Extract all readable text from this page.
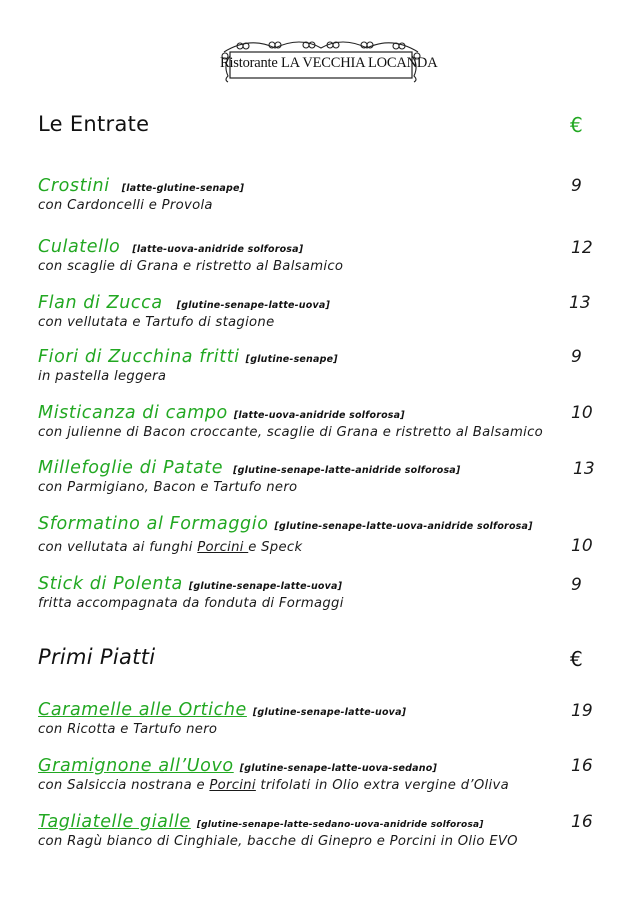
Ristorante LA VECCHIA LOCANDA
Le Entrate	€
Crostini [latte-glutine-senape]
con Cardoncelli e Provola
9
Culatello [latte-uova-anidride solforosa]
con scaglie di Grana e ristretto al Balsamico
12
Flan di Zucca [glutine-senape-latte-uova]
con vellutata e Tartufo di stagione
13
Fiori di Zucchina fritti [glutine-senape]
in pastella leggera
9
Misticanza di campo [latte-uova-anidride solforosa]
con julienne di Bacon croccante, scaglie di Grana e ristretto al Balsamico
10
Millefoglie di Patate [glutine-senape-latte-anidride solforosa]
con Parmigiano, Bacon e Tartufo nero
13
Sformatino al Formaggio [glutine-senape-latte-uova-anidride solforosa]
con vellutata ai funghi Porcini e Speck	10
Stick di Polenta [glutine-senape-latte-uova]
fritta accompagnata da fonduta di Formaggi
9
Primi Piatti	€
Caramelle alle Ortiche [glutine-senape-latte-uova]
con Ricotta e Tartufo nero
19
Gramignone all’Uovo [glutine-senape-latte-uova-sedano]
con Salsiccia nostrana e Porcini trifolati in Olio extra vergine d’Oliva
16
Tagliatelle gialle [glutine-senape-latte-sedano-uova-anidride solforosa]
con Ragù bianco di Cinghiale, bacche di Ginepro e Porcini in Olio EVO
16
